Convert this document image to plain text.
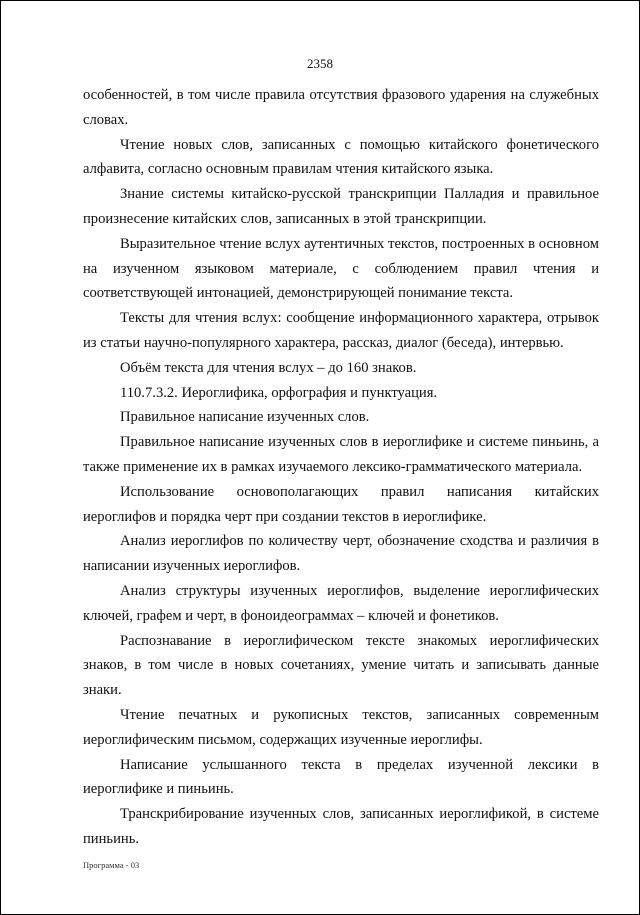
2358

особенностей, в том числе правила отсутствия фразового ударения на служебных словах.

Чтение новых слов, записанных с помощью китайского фонетического алфавита, согласно основным правилам чтения китайского языка.

Знание системы китайско-русской транскрипции Палладия и правильное произнесение китайских слов, записанных в этой транскрипции.

Выразительное чтение вслух аутентичных текстов, построенных в основном на изученном языковом материале, с соблюдением правил чтения и соответствующей интонацией, демонстрирующей понимание текста.

Тексты для чтения вслух: сообщение информационного характера, отрывок из статьи научно-популярного характера, рассказ, диалог (беседа), интервью.

Объём текста для чтения вслух – до 160 знаков.

110.7.3.2. Иероглифика, орфография и пунктуация.

Правильное написание изученных слов.

Правильное написание изученных слов в иероглифике и системе пиньинь, а также применение их в рамках изучаемого лексико-грамматического материала.

Использование основополагающих правил написания китайских иероглифов и порядка черт при создании текстов в иероглифике.

Анализ иероглифов по количеству черт, обозначение сходства и различия в написании изученных иероглифов.

Анализ структуры изученных иероглифов, выделение иероглифических ключей, графем и черт, в фоноидеограммах – ключей и фонетиков.

Распознавание в иероглифическом тексте знакомых иероглифических знаков, в том числе в новых сочетаниях, умение читать и записывать данные знаки.

Чтение печатных и рукописных текстов, записанных современным иероглифическим письмом, содержащих изученные иероглифы.

Написание услышанного текста в пределах изученной лексики в иероглифике и пиньинь.

Транскрибирование изученных слов, записанных иероглификой, в системе пиньинь.

Программа - 03
